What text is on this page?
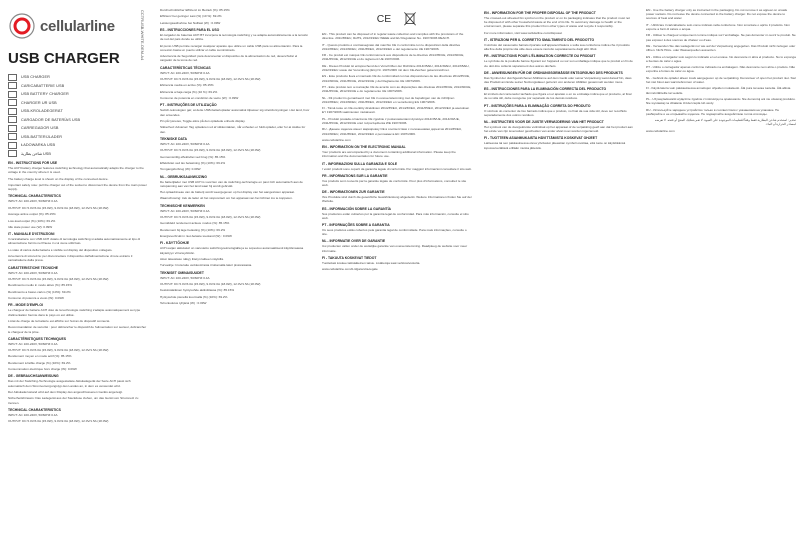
CCTRUSB-WHITE-OEM-A4
cellularline
USB CHARGER
USB CHARGER
CARICABATTERIE USB
USB BATTERY CHARGER
CHARGER UR USB
USB-KROLADEGERÄT
CARGADOR DE BATERÍAS USB
CARREGADOR USB
USB-BATTERIJLADER
ŁADOWARKA USB
شاحن بطارية USB
EN - INSTRUCTIONS FOR USE
The ACH battery charger features switching technology that automatically adapts the charger to the voltage in the country where it is used.
The battery charge level is shown on the display of the connected device.
Important safety note: pull the charger out of the socket to disconnect the device from the main power supply.
TECHNICAL CHARACTERISTICS
INPUT: AC 100-240V, 50/60HZ 0.4A
OUTPUT: DC 5.0V/3.0A (15.0W), 9.0V/2.0A (18.0W), 12.0V/1.5A (18.0W)
Average active output (%): 85.15%
Low-load output (%) (10%): 69.2%
Idle state power use (W): 0.09W
IT - MANUALE D'ISTRUZIONI
Il caricabatterie con USB ACH dotato di tecnologia switching si adatta automaticamente al tipo di alimentazione fornito nel Paese in cui viene utilizzato.
Lo stato di carica della batteria è visibile sul display del dispositivo collegato.
Avvertenza di sicurezza: per disconnettere il dispositivo dall'alimentazione di rete estrarre il caricabatterie dalla presa.
CARATTERISTICHE TECNICHE
INPUT: AC 100-240V, 50/60HZ 0.4A
OUTPUT: DC 5.0V/3.0A (15.0W), 9.0V/2.0A (18.0W), 12.0V/1.5A (18.0W)
Rendimento medio in modo attivo (%): 85.15%
Rendimento a basso carico (%) (10%): 69.2%
Consumo di potenza a vuoto (W): 0.09W
FR - MODE D'EMPLOI
Le chargeur de batterie ACH doté de la technologie switching s'adapte automatiquement au type d'alimentation fournie dans le pays où est utilisé.
L'état de charge de la batterie est affiché sur l'écran du dispositif connecté.
Recommandation de sécurité : pour débrancher le dispositif de l'alimentation sur secteur, débrancher le chargeur de la prise.
CARACTÉRISTIQUES TECHNIQUES
INPUT: AC 100-240V, 50/60HZ 0.4A
OUTPUT: DC 5.0V/3.0A (15.0W), 9.0V/2.0A (18.0W), 12.0V/1.5A (18.0W)
Rendement moyen en mode actif (%): 85.15%
Rendement à faible charge (%) (10%): 69.2%
Consommation électrique hors charge (W): 0.09W
DE - GEBRAUCHSANWEISUNG
Das mit der Switching-Technologie ausgestattete Akkuladegerät der Serie ACH passt sich automatisch dem Stromversorgungstyp des Landes an, in dem es verwendet wird.
Der Akkuladezustand wird auf dem Display des angeschlossenen Geräts angezeigt.
Sicherheitshinweis: Das Ladegerät aus der Steckdose ziehen, um das Gerät vom Stromnetz zu trennen.
TECHNICAL CHARAKTERISTICS
INPUT: AC 100-240V, 50/60HZ 0.4A
OUTPUT: DC 5.0V/3.0A (15.0W), 9.0V/2.0A (18.0W), 12.0V/1.5A (18.0W)
Durchschnittlicher Effizienz im Betrieb (%): 85.15%
Effizienz bei geringer Last (%) (10 %): 69.2%
Leistungsaufnahme bei Nulllast (W) : 0.09W
ES - INSTRUCCIONES PARA EL USO
El cargador de baterías ACH BT incorpora la tecnología switching y se adapta automáticamente a la tensión de red del país donde se utiliza.
El punto USB permite recargar cualquier aparato que utilice un cable USB para su alimentación. Para la conexión basta un puerto utilizar el cable suministrado.
Advertencia de Seguridad: para desconectar el dispositivo de la alimentación de red, desenchufar el cargador de la toma de red.
CARACTERÍSTICAS TÉCNICAS
INPUT: AC 100-240V, 50/60HZ 0.4A
OUTPUT: DC 5.0V/3.0A (15.0W), 9.0V/2.0A (18.0W), 12.0V/1.5A (18.0W)
Eficiencia media en activo (%): 85.15%
Eficiencia a baja carga (%) (10 %): 69.2%
Consumo de potencia en condición de vacío (W) : 0.09W
PT - INSTRUÇÕES DE UTILIZAÇÃO
Switch-teknologien gør, at dette USB-batterioplader automatisk tilpasser sig strømforsyningen i det land, hvor den anvendes.
Pin på lysnetes, Toggle-sikre på den opladede enheds display.
Sikkerhed: Advarsel: Tag opladeren ud af stikkontakten, når enheden er fuldt opladet, eller for at slukke for den.
TEKNISKE DATA
INPUT: AC 100-240V, 50/60HZ 0.4A
OUTPUT: DC 5.0V/3.0A (15.0W), 9.0V/2.0A (18.0W), 12.0V/1.5A (18.0W)
Gennemsnitlig effektivitet ved brug (%): 85.15%
Effektivitet ved lav belastning (%) (10%): 69.2%
Tomgangsforbrug (W): 0.09W
NL - GEBRUIKSAANWIJZING
De batterijlader met USB ACH is voorzien van de switching-technologie en past zich automatisch aan de netspanning aan van het land waar hij wordt gebruikt.
Het oplaadniveau van de batterij wordt weergegeven op het display van het aangesloten apparaat.
Waarschuwing: trek de lader uit het stopcontact om het apparaat van het lichtnet los te koppelen.
TECHNISCHE KENMERKEN
INPUT: AC 100-240V, 50/60HZ 0.4A
OUTPUT: DC 5.0V/3.0A (15.0W), 9.0V/2.0A (18.0W), 12.0V/1.5A (18.0W)
Gemiddeld rendement actieve modus (%): 85.15%
Rendement bij lage belasting (%) (10%): 69.2%
Energieverbruik in niet-belaste toestand (W) : 0.09W
FI - KÄYTTÖOHJE
ACH-sarjan akkulaturi on varustettu switching-teknologialla ja se sopeutuu automaattisesti käyttömaassa käytettyyn virransyöttöön.
Akun lataustaso näkyy liitetyn laitteen näytöllä.
Turvaohje: Irrota laite verkkovirrasta irrottamalla laturi pistorasiasta.
TEKNISET OMINAISUUDET
INPUT: AC 100-240V, 50/60HZ 0.4A
OUTPUT: DC 5.0V/3.0A (15.0W), 9.0V/2.0A (18.0W), 12.0V/1.5A (18.0W)
Keskimääräinen hyötysuhde aktiivitilassa (%): 85.15%
Hyötysuhde pienellä kuormalla (%) (10%): 69.2%
Tehonkulutus tyhjänä (W) : 0.09W
CE
EN - This product can be disposed of in regular waste collection and complies with the provisions of the directive. 2011/65/EU, RoHS, 2012/19/EU WEEE and EU Regulation No. 1907/2006 REACH.
IT - Questo prodotto è contrassegnato dal marchio CE in conformità con le disposizioni della direttiva 2014/35/EU, 2014/30/EU, 2011/65/EU, 2012/19/EU e del regolamento UE 1907/2006.
FR - Ce produit est marqué CE conformément aux dispositions de la directive 2014/35/UE, 2014/30/UE, 2011/65/UE, 2012/19/UE et du règlement UE 1907/2006.
DE - Dieses Produkt ist entsprechend den Vorschriften der Richtlinie 2014/35/EU, 2014/30/EU, 2011/65/EU, 2012/19/EU sowie der Verordnung (EG) Nr. 1907/2006 mit dem CE-Zeichen gekennzeichnet.
ES - Este producto lleva el marcado CE de conformidad con las disposiciones de las directivas 2014/35/UE, 2014/30/UE, 2011/65/UE, 2012/19/UE y del Reglamento UE 1907/2006.
PT - Este produto tem a marcação CE de acordo com as disposições das diretivas 2014/35/UE, 2014/30/UE, 2011/65/UE, 2012/19/UE e do regulamento UE 1907/2006.
NL - Dit product is gemarkeerd met CE in overeenstemming met de bepalingen van de richtlijnen 2014/35/EU, 2014/30/EU, 2011/65/EU, 2012/19/EU en verordening EG 1907/2006.
FI - Tämä tuote on CE-merkitty direktiivien 2014/35/EU, 2014/30/EU, 2011/65/EU, 2012/19/EU ja asetuksen EY 1907/2006 vaatimusten mukaisesti.
PL - Produkt posiada oznaczenie CE zgodnie z postanowieniami dyrektyw 2014/35/UE, 2014/30/UE, 2011/65/UE, 2012/19/UE oraz rozporządzenia WE 1907/2006.
RU - Данное изделие имеет маркировку CE в соответствии с положениями директив 2014/35/EU, 2014/30/EU, 2011/65/EU, 2012/19/EU и регламента ЕС 1907/2006.
www.cellularline.com
EN - INFORMATION ON THE ELECTRONIC MANUAL
Your products are accompanied by a document containing additional information. Please keep the information and the documentation for future use.
IT - INFORMAZIONI SULLA GARANZIA E SOLE
I vostri prodotti sono coperti da garanzia legale di conformità. Per maggiori informazioni consultare il sito web.
FR - INFORMATIONS SUR LA GARANTIE
Vos produits sont couverts par la garantie légale de conformité. Pour plus d'informations, consultez le site web.
DE - INFORMATIONEN ZUR GARANTIE
Ihre Produkte sind durch die gesetzliche Gewährleistung abgedeckt. Weitere Informationen finden Sie auf der Website.
ES - INFORMACIÓN SOBRE LA GARANTÍA
Sus productos están cubiertos por la garantía legal de conformidad. Para más información, consulte el sitio web.
PT - INFORMAÇÕES SOBRE A GARANTIA
Os seus produtos estão cobertos pela garantia legal de conformidade. Para mais informações, consulte o site.
NL - INFORMATIE OVER DE GARANTIE
Uw producten vallen onder de wettelijke garantie van overeenstemming. Raadpleeg de website voor meer informatie.
FI - TAKUUTA KOSKEVAT TIEDOT
Tuotteitasi koskee lakisääteinen takuu. Lisätietoja saat verkkosivustolta.
www.cellularline.com/it-it/garanzia-legale
EN - INFORMATION FOR THE PROPER DISPOSAL OF THE PRODUCT
The crossed-out wheeled bin symbol on the product or on its packaging indicates that the product must not be disposed of with other household waste at the end of its life. To avoid any damage to health or the environment, please separate this product from other types of waste and recycle it responsibly.
For more information, visit www.cellularline.com/disposal.
IT - ISTRUZIONI PER IL CORRETTO SMALTIMENTO DEL PRODOTTO
Il simbolo del cassonetto barrato riportato sull'apparecchiatura o sulla sua confezione indica che il prodotto alla fine della propria vita utile deve essere raccolto separatamente dagli altri rifiuti.
FR - INSTRUCTIONS POUR L'ÉLIMINATION CORRECTE DU PRODUIT
Le symbole de la poubelle barrée figurant sur l'appareil ou sur son emballage indique que le produit en fin de vie doit être collecté séparément des autres déchets.
DE - ANWEISUNGEN FÜR DIE ORDNUNGSGEMÄSSE ENTSORGUNG DES PRODUKTS
Das Symbol der durchgestrichenen Mülltonne auf dem Gerät oder seiner Verpackung weist darauf hin, dass das Produkt am Ende seiner Nutzungsdauer getrennt von anderen Abfällen gesammelt werden muss.
ES - INSTRUCCIONES PARA LA ELIMINACIÓN CORRECTA DEL PRODUCTO
El símbolo del contenedor tachado que figura en el aparato o en su embalaje indica que el producto, al final de su vida útil, debe recogerse por separado de los demás residuos.
PT - INSTRUÇÕES PARA A ELIMINAÇÃO CORRETA DO PRODUTO
O símbolo do contentor de lixo barrado indica que o produto, no final da sua vida útil, deve ser recolhido separadamente dos outros resíduos.
NL - INSTRUCTIES VOOR DE JUISTE VERWIJDERING VAN HET PRODUCT
Het symbool van de doorgekruiste vuilnisbak op het apparaat of de verpakking geeft aan dat het product aan het einde van zijn levensduur gescheiden van ander afval moet worden ingezameld.
FI - TUOTTEEN ASIANMUKAISTA HÄVITTÄMISTÄ KOSKEVAT OHJEET
Laitteessa tai sen pakkauksessa oleva yliviivatun jäteastian symboli osoittaa, että tuote on käyttöikänsä lopussa kerättävä erillään muista jätteistä.
EN - Use the battery charger only as instructed in the packaging. Do not remove it as appear on unsafe power sockets. Do not leave the device connected to the battery charger. Do not expose the device to sources of heat and water.
IT - Utilizzare il caricabatterie solo come indicato nella confezione. Non smontare o aprire il prodotto. Non esporre a fonti di calore o acqua.
FR - Utiliser le chargeur uniquement comme indiqué sur l'emballage. Ne pas démonter ni ouvrir le produit. Ne pas exposer à des sources de chaleur ou d'eau.
DE - Verwenden Sie das Ladegerät nur wie auf der Verpackung angegeben. Das Produkt nicht zerlegen oder öffnen. Nicht Hitze- oder Wasserquellen aussetzen.
ES - Utilice el cargador solo según lo indicado en el envase. No desmonte ni abra el producto. No lo exponga a fuentes de calor o agua.
PT - Utilize o carregador apenas conforme indicado na embalagem. Não desmonte nem abra o produto. Não exponha a fontes de calor ou água.
NL - Gebruik de oplader alleen zoals aangegeven op de verpakking. Demonteer of open het product niet. Stel het niet bloot aan warmtebronnen of water.
FI - Käytä laturia vain pakkauksessa annettujen ohjeiden mukaisesti. Älä pura tai avaa tuotetta. Älä altista lämmönlähteille tai vedelle.
PL - Używaj ładowarki wyłącznie zgodnie z instrukcją na opakowaniu. Nie demontuj ani nie otwieraj produktu. Nie wystawiaj na działanie źródeł ciepła lub wody.
RU - Используйте зарядное устройство только в соответствии с указаниями на упаковке. Не разбирайте и не открывайте изделие. Не подвергайте воздействию тепла или воды.
تحذير: استخدم شاحن البطارية فقط وفقاً للتعليمات الموجودة على العبوة. لا تقم بتفكيك المنتج أو فتحه. لا تعرضه لمصادر الحرارة أو الماء.
www.cellularline.com
